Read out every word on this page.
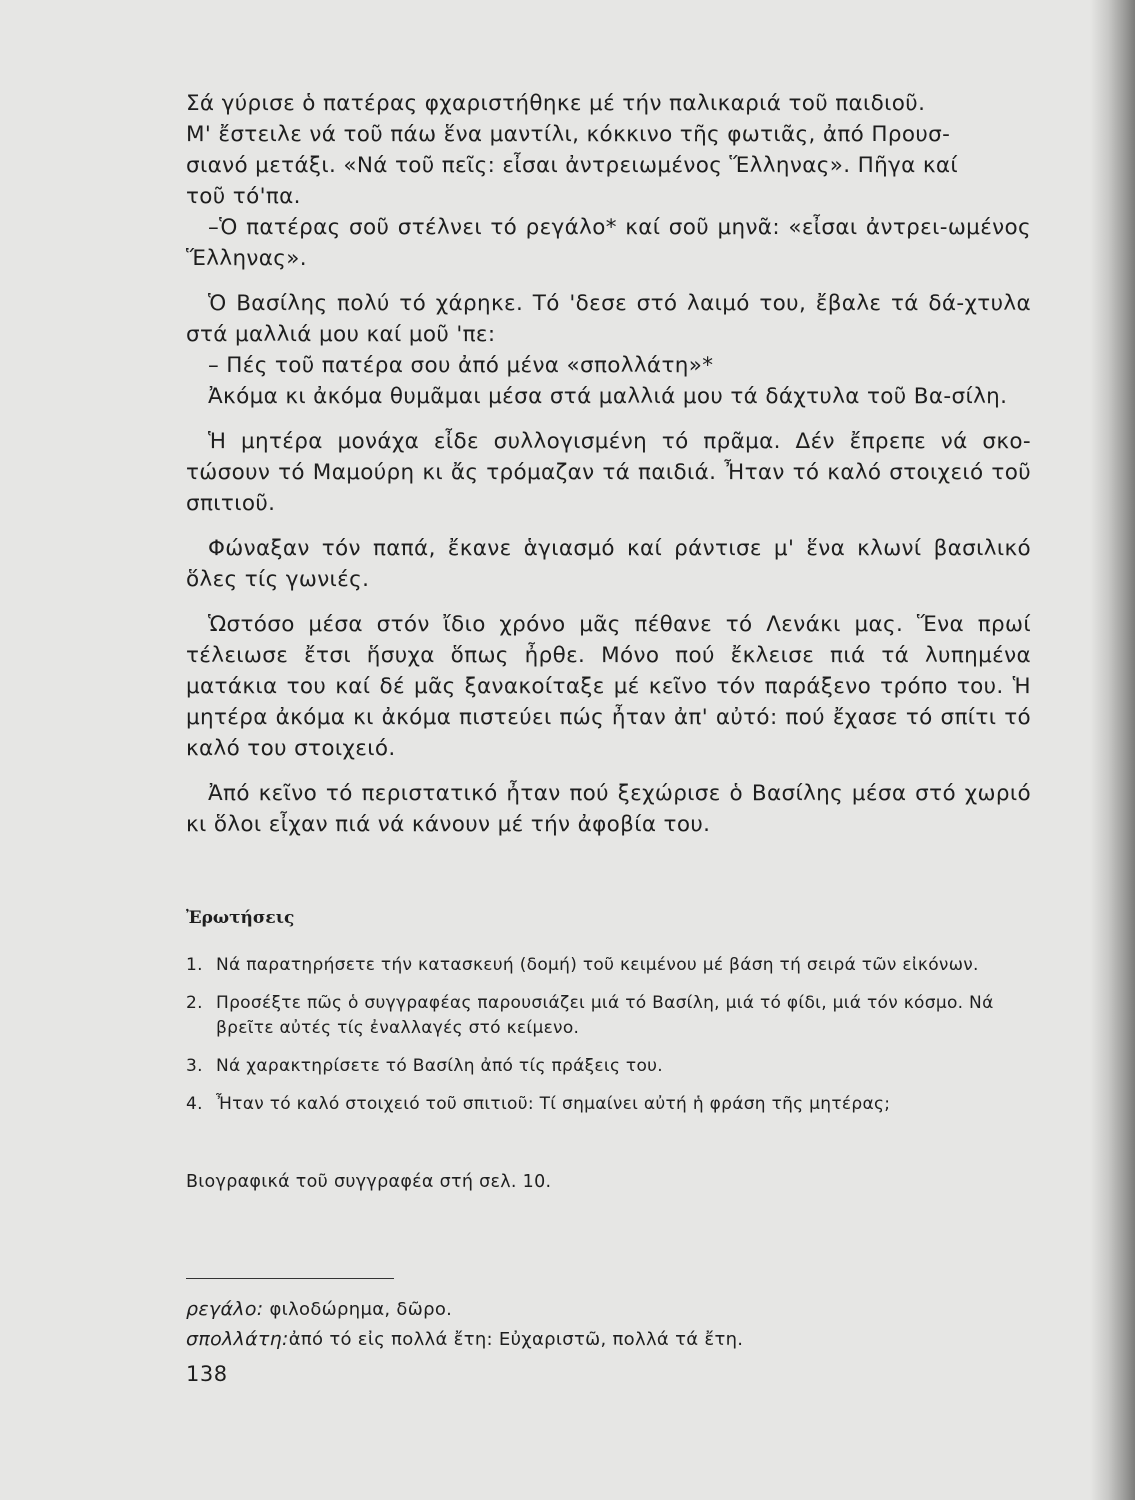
Σά γύρισε ὁ πατέρας φχαριστήθηκε μέ τήν παλικαριά τοῦ παιδιοῦ.
Μ' ἔστειλε νά τοῦ πάω ἕνα μαντίλι, κόκκινο τῆς φωτιᾶς, ἀπό Προυσ-
σιανό μετάξι. «Νά τοῦ πεῖς: εἶσαι ἀντρειωμένος Ἕλληνας». Πῆγα καί
τοῦ τό'πα.

–Ὁ πατέρας σοῦ στέλνει τό ρεγάλο* καί σοῦ μηνᾶ: «εἶσαι ἀντρει-ωμένος Ἕλληνας».

Ὁ Βασίλης πολύ τό χάρηκε. Τό 'δεσε στό λαιμό του, ἔβαλε τά δά-χτυλα στά μαλλιά μου καί μοῦ 'πε:

– Πές τοῦ πατέρα σου ἀπό μένα «σπολλάτη»*

Ἀκόμα κι ἀκόμα θυμᾶμαι μέσα στά μαλλιά μου τά δάχτυλα τοῦ Βα-σίλη.

Ἡ μητέρα μονάχα εἶδε συλλογισμένη τό πρᾶμα. Δέν ἔπρεπε νά σκο-τώσουν τό Μαμούρη κι ἄς τρόμαζαν τά παιδιά. Ἦταν τό καλό στοιχειό τοῦ σπιτιοῦ.

Φώναξαν τόν παπά, ἔκανε ἁγιασμό καί ράντισε μ' ἕνα κλωνί βασιλικό ὅλες τίς γωνιές.

Ὡστόσο μέσα στόν ἴδιο χρόνο μᾶς πέθανε τό Λενάκι μας. Ἕνα πρωί τέλειωσε ἔτσι ἥσυχα ὅπως ἦρθε. Μόνο πού ἔκλεισε πιά τά λυπημένα ματάκια του καί δέ μᾶς ξανακοίταξε μέ κεῖνο τόν παράξενο τρόπο του. Ἡ μητέρα ἀκόμα κι ἀκόμα πιστεύει πώς ἦταν ἀπ' αὐτό: πού ἔχασε τό σπίτι τό καλό του στοιχειό.

Ἀπό κεῖνο τό περιστατικό ἦταν πού ξεχώρισε ὁ Βασίλης μέσα στό χωριό κι ὅλοι εἶχαν πιά νά κάνουν μέ τήν ἀφοβία του.

Ἐρωτήσεις
1. Νά παρατηρήσετε τήν κατασκευή (δομή) τοῦ κειμένου μέ βάση τή σειρά τῶν εἰκόνων.
2. Προσέξτε πῶς ὁ συγγραφέας παρουσιάζει μιά τό Βασίλη, μιά τό φίδι, μιά τόν κόσμο. Νά βρεῖτε αὐτές τίς ἐναλλαγές στό κείμενο.
3. Νά χαρακτηρίσετε τό Βασίλη ἀπό τίς πράξεις του.
4. Ἦταν τό καλό στοιχειό τοῦ σπιτιοῦ: Τί σημαίνει αὐτή ἡ φράση τῆς μητέρας;
Βιογραφικά τοῦ συγγραφέα στή σελ. 10.
ρεγάλο: φιλοδώρημα, δῶρο.
σπολλάτη:ἀπό τό εἰς πολλά ἔτη: Εὐχαριστῶ, πολλά τά ἔτη.
138
